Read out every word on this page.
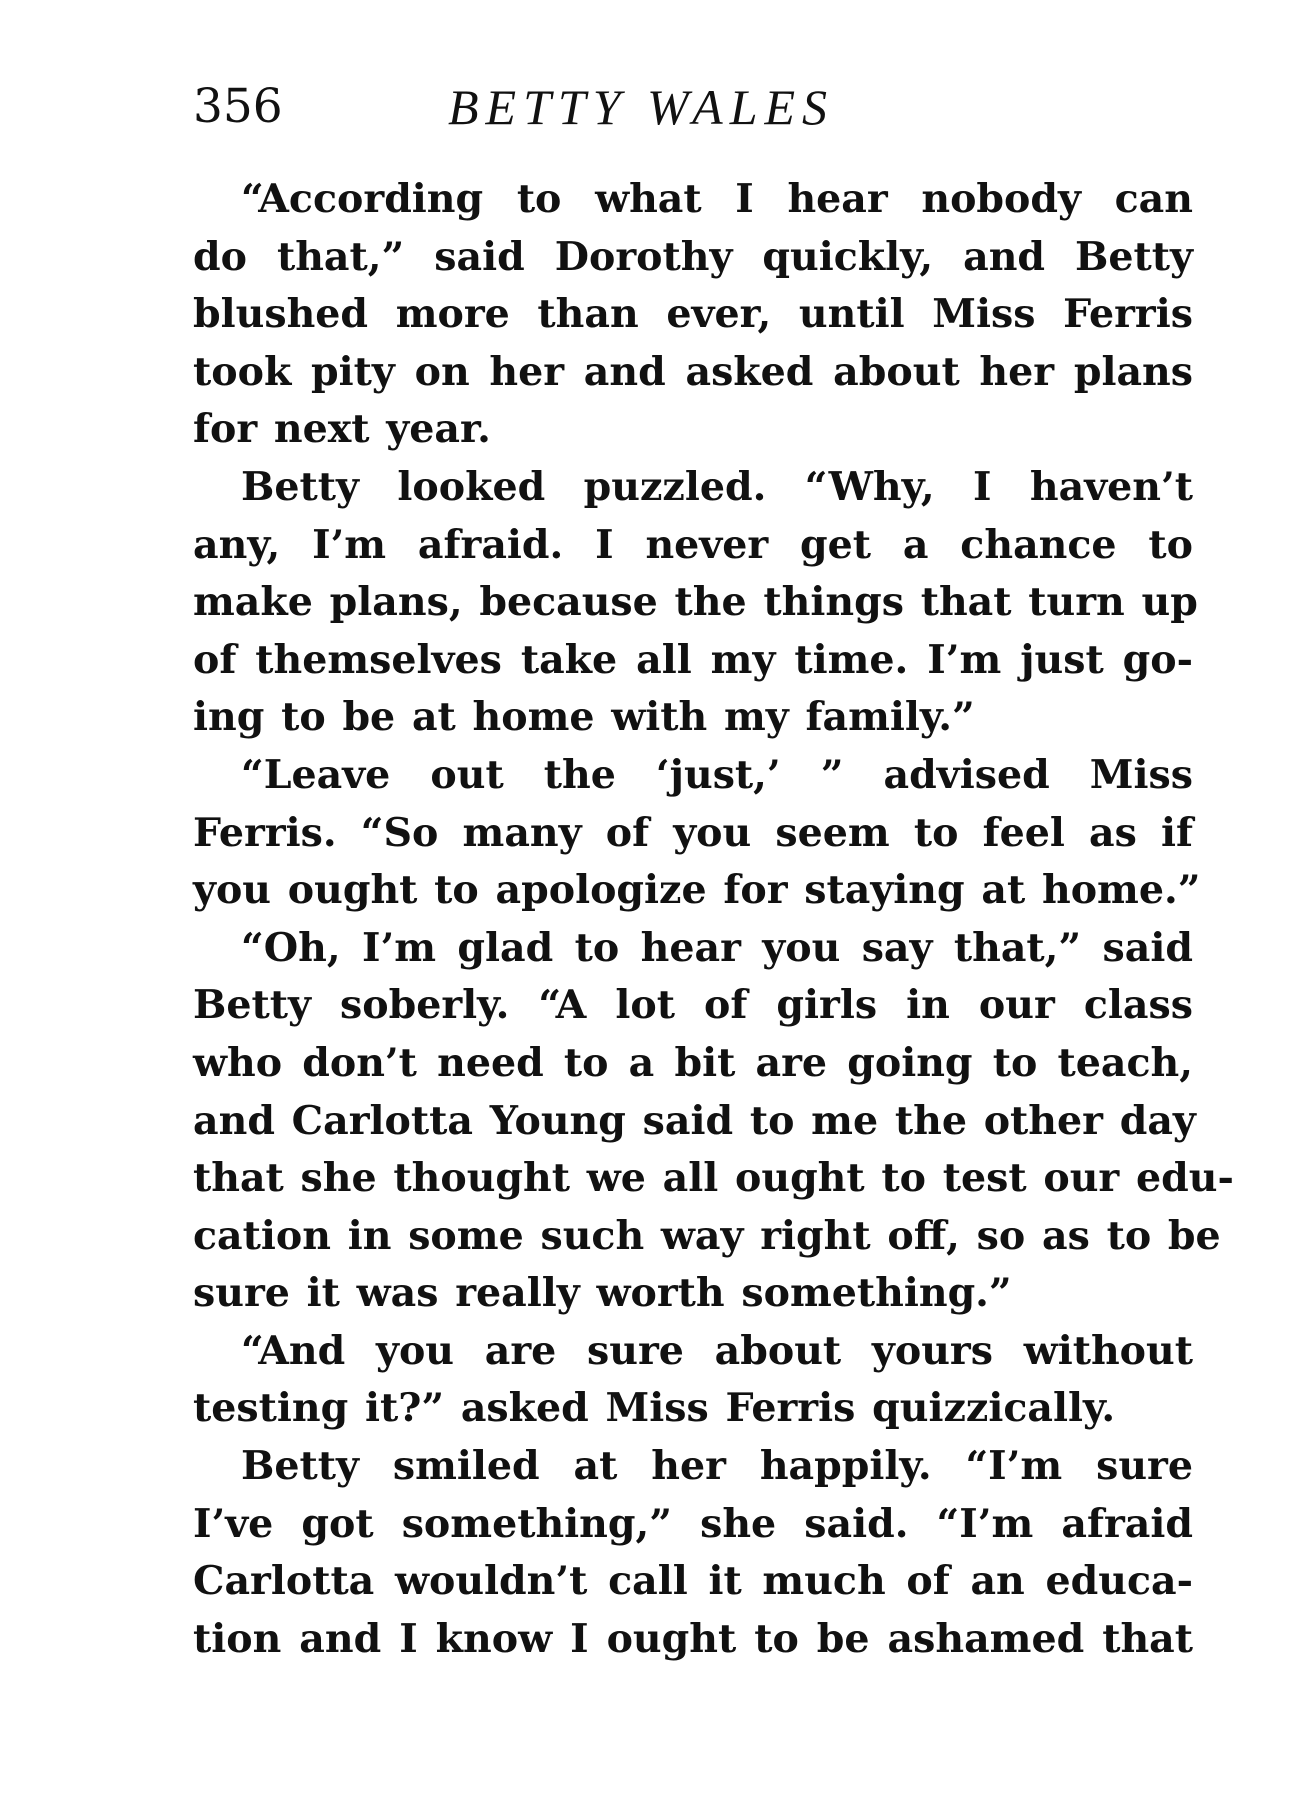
356	BETTY WALES
“According to what I hear nobody can
do that,” said Dorothy quickly, and Betty
blushed more than ever, until Miss Ferris
took pity on her and asked about her plans
for next year.
Betty looked puzzled. “Why, I haven’t
any, I’m afraid. I never get a chance to
make plans, because the things that turn up
of themselves take all my time. I’m just go-
ing to be at home with my family.”
“Leave out the ‘just,’ ” advised Miss
Ferris. “So many of you seem to feel as if
you ought to apologize for staying at home.”
“Oh, I’m glad to hear you say that,” said
Betty soberly. “A lot of girls in our class
who don’t need to a bit are going to teach,
and Carlotta Young said to me the other day
that she thought we all ought to test our edu-
cation in some such way right off, so as to be
sure it was really worth something.”
“And you are sure about yours without
testing it?” asked Miss Ferris quizzically.
Betty smiled at her happily. “I’m sure
I’ve got something,” she said. “I’m afraid
Carlotta wouldn’t call it much of an educa-
tion and I know I ought to be ashamed that
